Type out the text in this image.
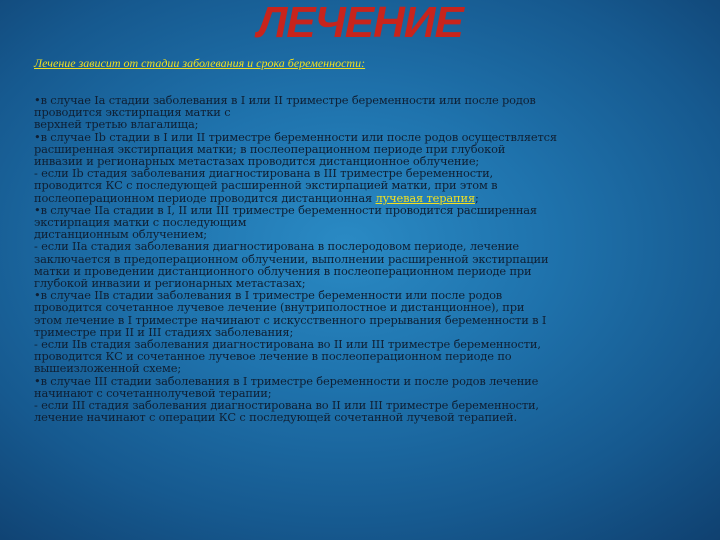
ЛЕЧЕНИЕ
Лечение зависит от стадии заболевания и срока беременности:
•в случае Ia стадии заболевания в I или II триместре беременности или после родов
проводится экстирпация матки с
верхней третью влагалища;
•в случае Ib стадии в I или II триместре беременности или после родов осуществляется
расширенная экстирпация матки; в послеоперационном периоде при глубокой
инвазии и регионарных метастазах проводится дистанционное облучение;
- если Ib стадия заболевания диагностирована в III триместре беременности,
проводится КС с последующей расширенной экстирпацией матки, при этом в
послеоперационном периоде проводится дистанционная лучевая терапия;
•в случае IIa стадии в I, II или III триместре беременности проводится расширенная
экстирпация матки с последующим
дистанционным облучением;
- если IIa стадия заболевания диагностирована в послеродовом периоде, лечение
заключается в предоперационном облучении, выполнении расширенной экстирпации
матки и проведении дистанционного облучения в послеоперационном периоде при
глубокой инвазии и регионарных метастазах;
•в случае IIв стадии заболевания в I триместре беременности или после родов
проводится сочетанное лучевое лечение (внутриполостное и дистанционное), при
этом лечение в I триместре начинают с искусственного прерывания беременности в I
триместре при II и III стадиях заболевания;
- если IIв стадия заболевания диагностирована во II или III триместре беременности,
проводится КС и сочетанное лучевое лечение в послеоперационном периоде по
вышеизложенной схеме;
•в случае III стадии заболевания в I триместре беременности и после родов лечение
начинают с сочетаннолучевой терапии;
- если III стадия заболевания диагностирована во II или III триместре беременности,
лечение начинают с операции КС с последующей сочетанной лучевой терапией.
